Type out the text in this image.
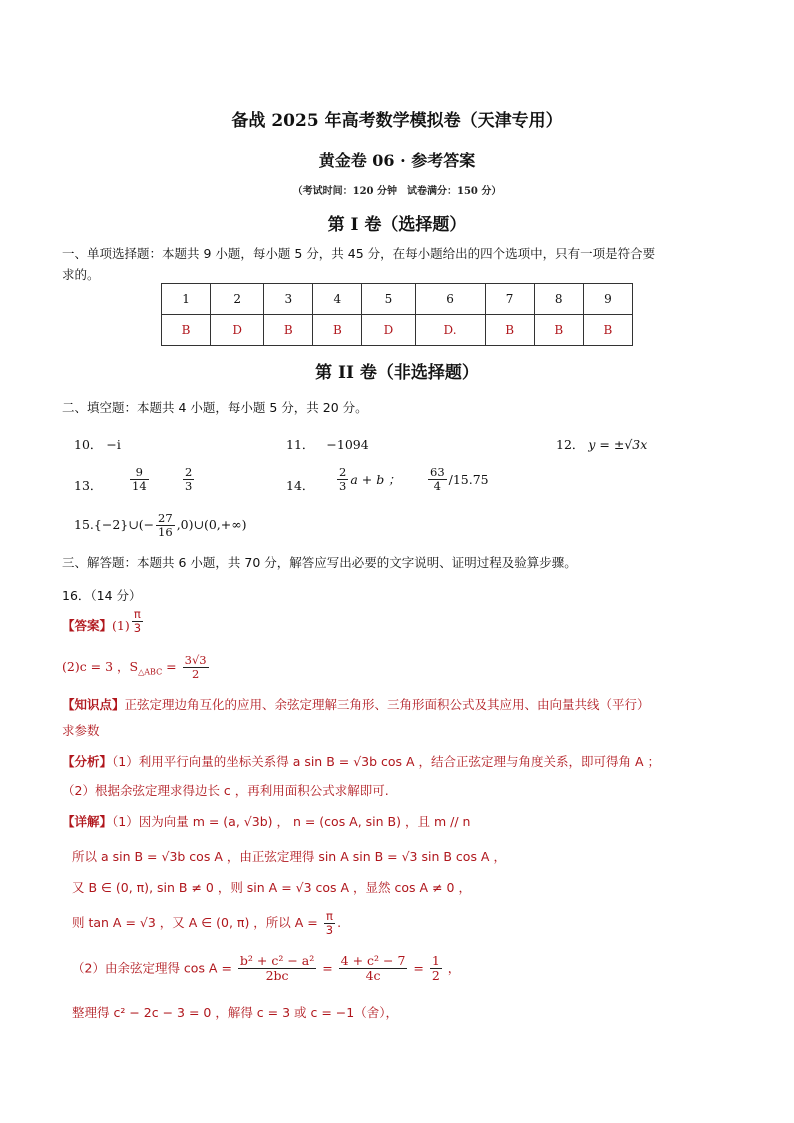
备战 2025 年高考数学模拟卷（天津专用）
黄金卷 06 · 参考答案
（考试时间：120 分钟　试卷满分：150 分）
第 I 卷（选择题）
一、单项选择题：本题共 9 小题，每小题 5 分，共 45 分，在每小题给出的四个选项中，只有一项是符合要
求的。
1	2	3	4	5	6	7	8	9
B	D	B	B	D	D.	B	B	B
第 II 卷（非选择题）
二、填空题：本题共 4 小题，每小题 5 分，共 20 分。
10． −i	11． −1094	12． y = ±√3x
13． $\frac{9}{14}$	$\frac{2}{3}$	14． $\frac{2}{3}$ a + b ； $\frac{63}{4} /15.75$
15.{−2}∪(− $\frac{27}{16}$ ,0)∪(0,+∞)
三、解答题：本题共 6 小题，共 70 分，解答应写出必要的文字说明、证明过程及验算步骤。
16．（14 分）
【答案】$(1) \frac{\pi}{3}$
(2)c = 3 ，$S_{\triangle ABC} = \frac{3√3}{2}$
【知识点】正弦定理边角互化的应用、余弦定理解三角形、三角形面积公式及其应用、由向量共线（平行）
求参数
【分析】（1）利用平行向量的坐标关系得 a sin B = √3b cos A ，结合正弦定理与角度关系，即可得角 A ；
（2）根据余弦定理求得边长 c ，再利用面积公式求解即可.
【详解】（1）因为向量 m = (a, √3b) ， n = (cos A, sin B) ，且 m // n
所以 a sin B = √3b cos A ，由正弦定理得 sin A sin B = √3 sin B cos A ，
又 B ∈ (0, π), sin B ≠ 0 ，则 sin A = √3 cos A ，显然 cos A ≠ 0 ，
则 tan A = √3 ，又 A ∈ (0, π) ，所以 $A = \frac{\pi}{3}$ .
（2）由余弦定理得 $\cos A = \frac{\text{b² + c² − a²}}{2bc} = \frac{\text{4 + c² − 7}}{4c} = \frac{1}{2}$ ，
整理得 c² − 2c − 3 = 0 ，解得 c = 3 或 c = −1（舍），
